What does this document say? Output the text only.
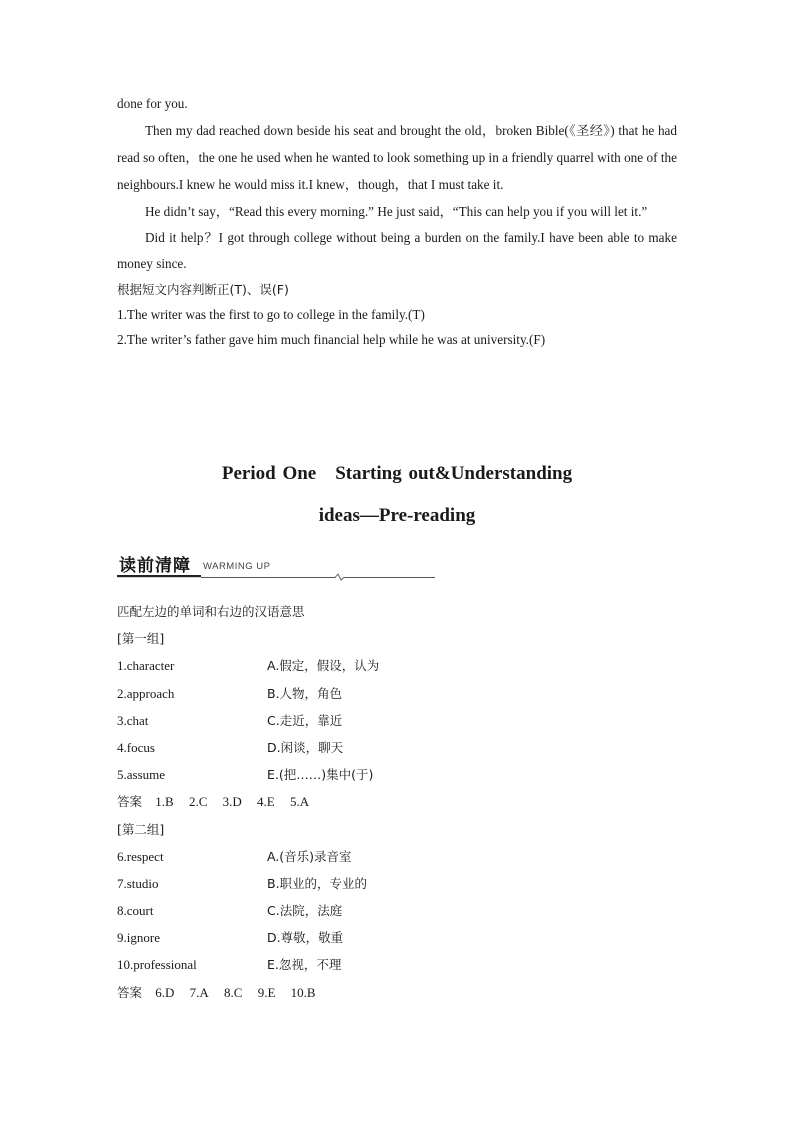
done for you.

Then my dad reached down beside his seat and brought the old，broken Bible(《圣经》) that he had read so often，the one he used when he wanted to look something up in a friendly quarrel with one of the neighbours.I knew he would miss it.I knew，though，that I must take it.

He didn’t say，“Read this every morning.” He just said，“This can help you if you will let it.”

Did it help？I got through college without being a burden on the family.I have been able to make money since.

根据短文内容判断正(T)、误(F)

1.The writer was the first to go to college in the family.(T)

2.The writer’s father gave him much financial help while he was at university.(F)

Period One　Starting out&Understanding
ideas—Pre-reading
读前清障 WARMING UP
匹配左边的单词和右边的汉语意思
[第一组]
1.character	A.假定，假设，认为
2.approach	B.人物，角色
3.chat	C.走近，靠近
4.focus	D.闲谈，聊天
5.assume	E.(把……)集中(于)
答案 1.B 2.C 3.D 4.E 5.A
[第二组]
6.respect	A.(音乐)录音室
7.studio	B.职业的，专业的
8.court	C.法院，法庭
9.ignore	D.尊敬，敬重
10.professional	E.忽视，不理
答案 6.D 7.A 8.C 9.E 10.B
